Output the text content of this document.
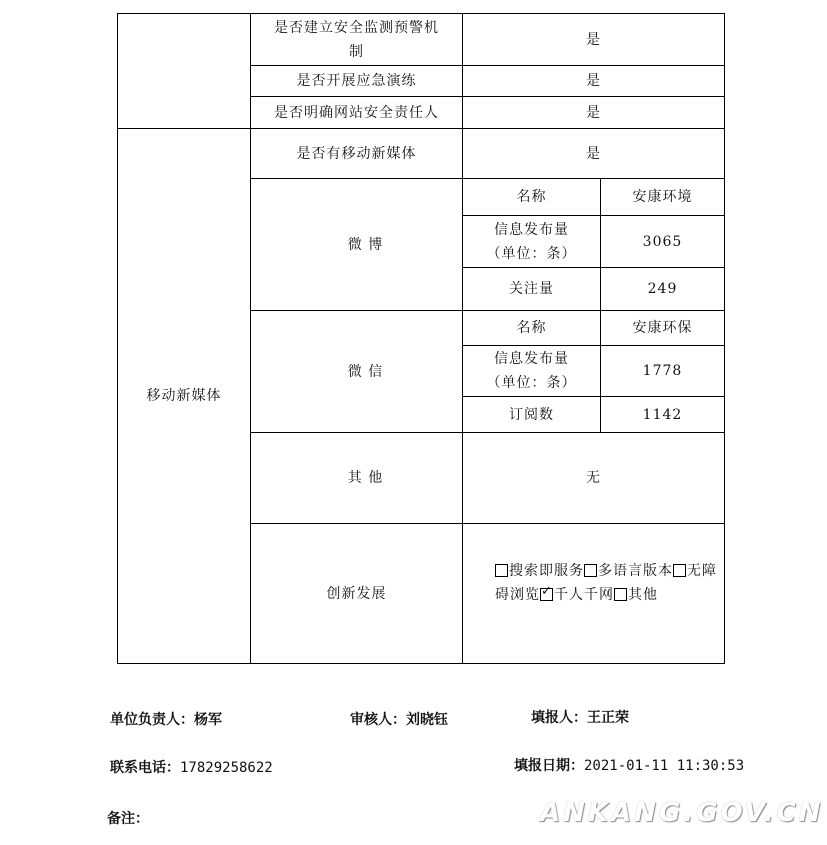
	是否建立安全监测预警机制	是	
	是否开展应急演练	是	
	是否明确网站安全责任人	是	
移动新媒体	是否有移动新媒体	是	
	微 博	名称	安康环境
		信息发布量（单位：条）	3065
		关注量	249
	微 信	名称	安康环保
		信息发布量（单位：条）	1778
		订阅数	1142
	其 他	无	
	创新发展	搜索即服务 多语言版本 无障碍浏览 ✓ 千人千网 其他
单位负责人：杨军	审核人：刘晓钰	填报人：王正荣
联系电话：17829258622	填报日期：2021-01-11 11:30:53
备注：	ANKANG.GOV.CN
